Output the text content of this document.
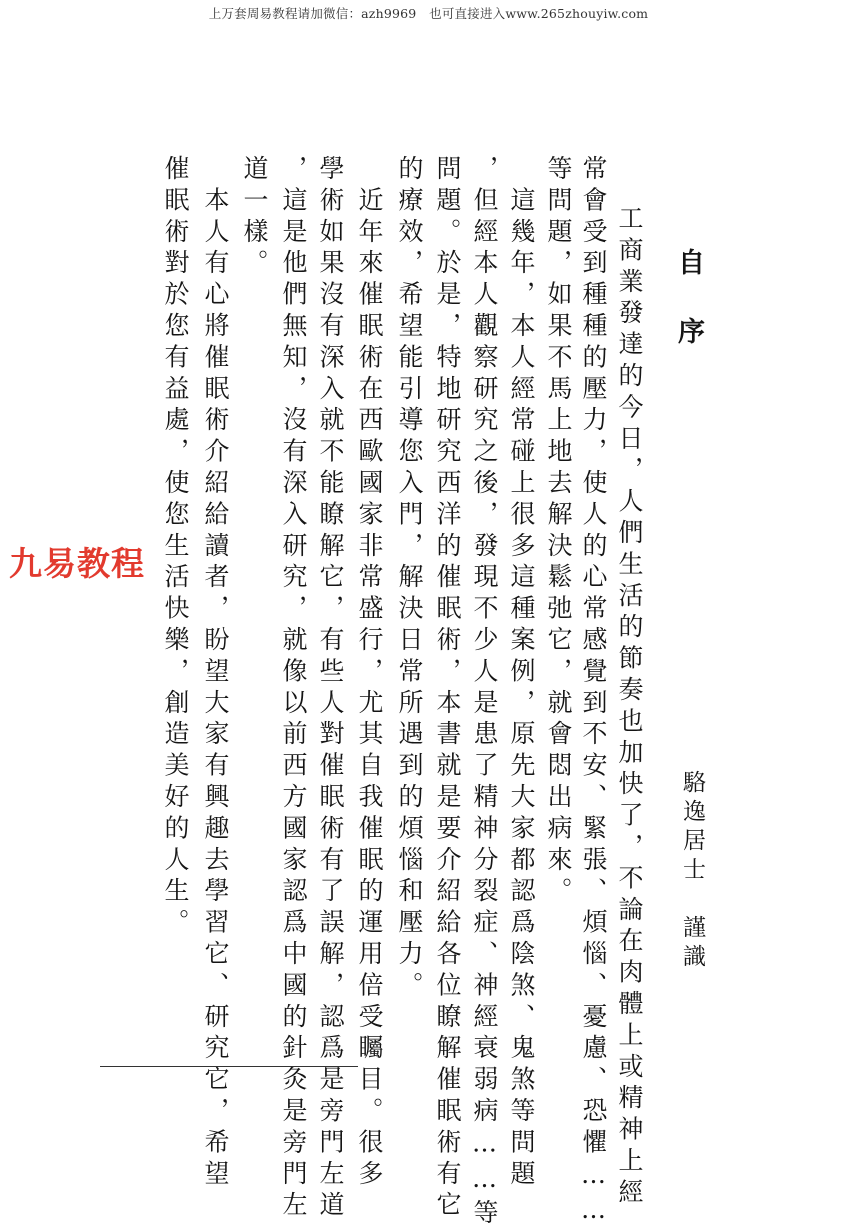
上万套周易教程请加微信：azh9969　也可直接进入www.265zhouyiw.com
九易教程
自序
駱逸居士　謹識
工商業發達的今日，人們生活的節奏也加快了，不論在肉體上或精神上經
常會受到種種的壓力，使人的心常感覺到不安、緊張、煩惱、憂慮、恐懼……
等問題，如果不馬上地去解決鬆弛它，就會悶出病來。
　這幾年，本人經常碰上很多這種案例，原先大家都認爲陰煞、鬼煞等問題
，但經本人觀察研究之後，發現不少人是患了精神分裂症、神經衰弱病……等
問題。於是，特地研究西洋的催眠術，本書就是要介紹給各位瞭解催眠術有它
的療效，希望能引導您入門，解決日常所遇到的煩惱和壓力。
　近年來催眠術在西歐國家非常盛行，尤其自我催眠的運用倍受矚目。很多
學術如果沒有深入就不能瞭解它，有些人對催眠術有了誤解，認爲是旁門左道
，這是他們無知，沒有深入研究，就像以前西方國家認爲中國的針灸是旁門左
道一樣。
　本人有心將催眠術介紹給讀者，盼望大家有興趣去學習它、研究它，希望
催眠術對於您有益處，使您生活快樂，創造美好的人生。
